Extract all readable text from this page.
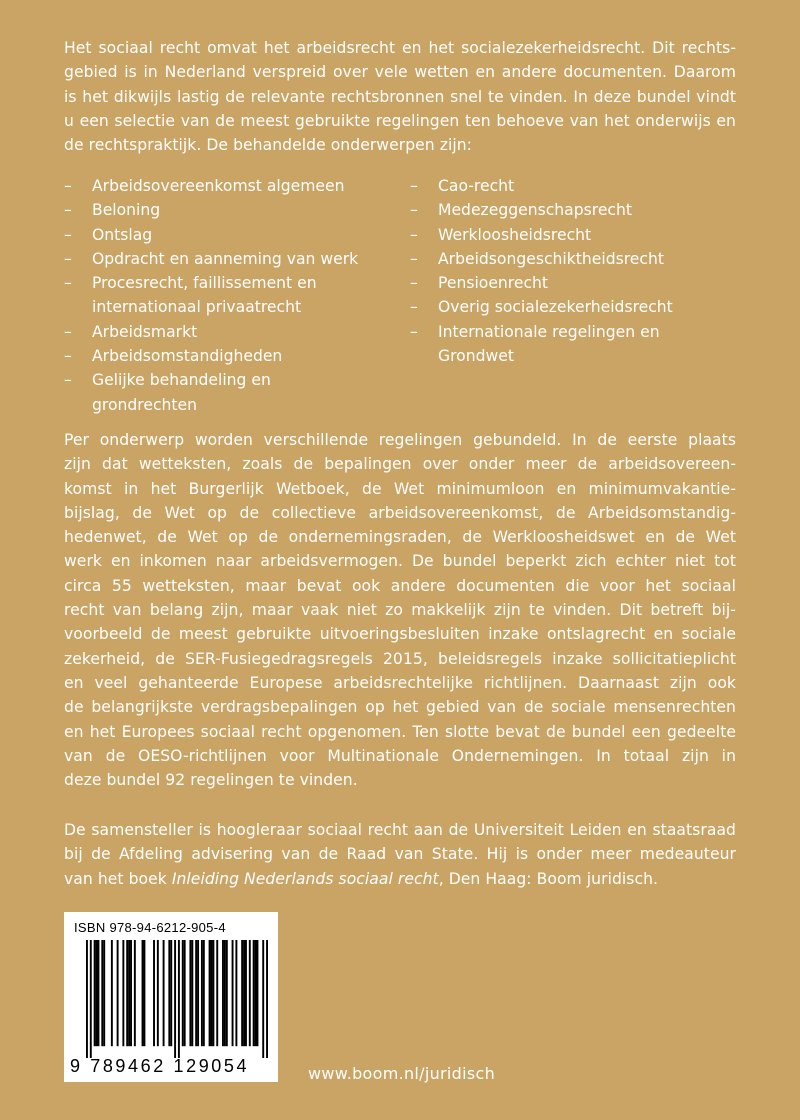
Het sociaal recht omvat het arbeidsrecht en het socialezekerheidsrecht. Dit rechts-
gebied is in Nederland verspreid over vele wetten en andere documenten. Daarom
is het dikwijls lastig de relevante rechtsbronnen snel te vinden. In deze bundel vindt
u een selectie van de meest gebruikte regelingen ten behoeve van het onderwijs en
de rechtspraktijk. De behandelde onderwerpen zijn:

– Arbeidsovereenkomst algemeen
– Beloning
– Ontslag
– Opdracht en aanneming van werk
– Procesrecht, faillissement en
internationaal privaatrecht
– Arbeidsmarkt
– Arbeidsomstandigheden
– Gelijke behandeling en
grondrechten
– Cao-recht
– Medezeggenschapsrecht
– Werkloosheidsrecht
– Arbeidsongeschiktheidsrecht
– Pensioenrecht
– Overig socialezekerheidsrecht
– Internationale regelingen en
Grondwet

Per onderwerp worden verschillende regelingen gebundeld. In de eerste plaats
zijn dat wetteksten, zoals de bepalingen over onder meer de arbeidsovereen-
komst in het Burgerlijk Wetboek, de Wet minimumloon en minimumvakantie-
bijslag, de Wet op de collectieve arbeidsovereenkomst, de Arbeidsomstandig-
hedenwet, de Wet op de ondernemingsraden, de Werkloosheidswet en de Wet
werk en inkomen naar arbeidsvermogen. De bundel beperkt zich echter niet tot
circa 55 wetteksten, maar bevat ook andere documenten die voor het sociaal
recht van belang zijn, maar vaak niet zo makkelijk zijn te vinden. Dit betreft bij-
voorbeeld de meest gebruikte uitvoeringsbesluiten inzake ontslagrecht en sociale
zekerheid, de SER-Fusiegedragsregels 2015, beleidsregels inzake sollicitatieplicht
en veel gehanteerde Europese arbeidsrechtelijke richtlijnen. Daarnaast zijn ook
de belangrijkste verdragsbepalingen op het gebied van de sociale mensenrechten
en het Europees sociaal recht opgenomen. Ten slotte bevat de bundel een gedeelte
van de OESO-richtlijnen voor Multinationale Ondernemingen. In totaal zijn in
deze bundel 92 regelingen te vinden.

De samensteller is hoogleraar sociaal recht aan de Universiteit Leiden en staatsraad
bij de Afdeling advisering van de Raad van State. Hij is onder meer medeauteur
van het boek Inleiding Nederlands sociaal recht, Den Haag: Boom juridisch.

ISBN 978-94-6212-905-4
9 789462 129054	www.boom.nl/juridisch
